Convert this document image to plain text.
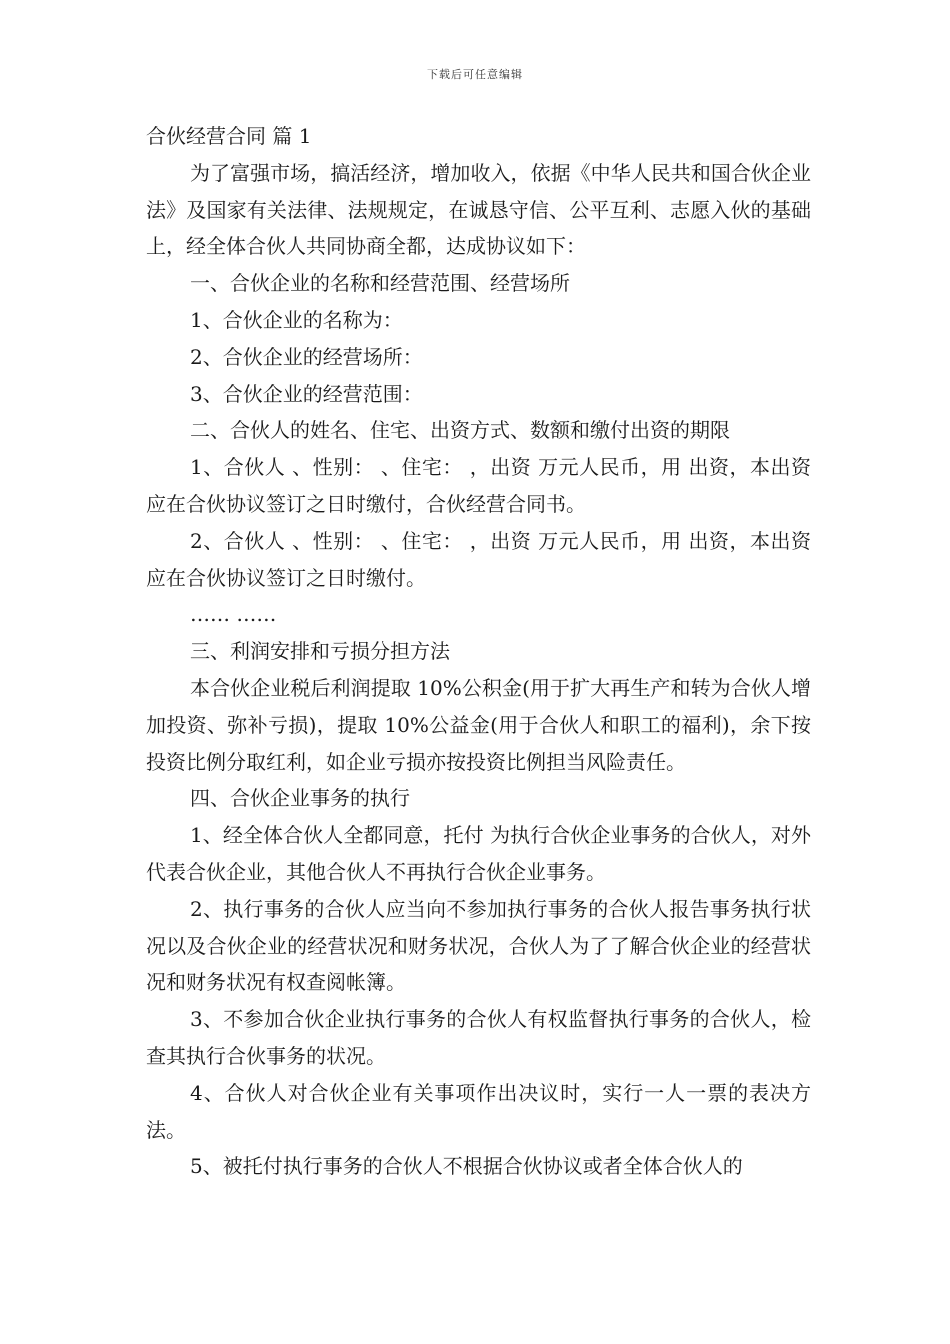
下载后可任意编辑

合伙经营合同 篇 1

为了富强市场，搞活经济，增加收入，依据《中华人民共和国合伙企业法》及国家有关法律、法规规定，在诚恳守信、公平互利、志愿入伙的基础上，经全体合伙人共同协商全都，达成协议如下：

一、合伙企业的名称和经营范围、经营场所

1、合伙企业的名称为：

2、合伙企业的经营场所：

3、合伙企业的经营范围：

二、合伙人的姓名、住宅、出资方式、数额和缴付出资的期限

1、合伙人 、性别： 、住宅： ，出资 万元人民币，用 出资，本出资应在合伙协议签订之日时缴付，合伙经营合同书。

2、合伙人 、性别： 、住宅： ，出资 万元人民币，用 出资，本出资应在合伙协议签订之日时缴付。

…… ……

三、利润安排和亏损分担方法

本合伙企业税后利润提取 10%公积金(用于扩大再生产和转为合伙人增加投资、弥补亏损)，提取 10%公益金(用于合伙人和职工的福利)，余下按投资比例分取红利，如企业亏损亦按投资比例担当风险责任。

四、合伙企业事务的执行

1、经全体合伙人全都同意，托付 为执行合伙企业事务的合伙人，对外代表合伙企业，其他合伙人不再执行合伙企业事务。

2、执行事务的合伙人应当向不参加执行事务的合伙人报告事务执行状况以及合伙企业的经营状况和财务状况，合伙人为了了解合伙企业的经营状况和财务状况有权查阅帐簿。

3、不参加合伙企业执行事务的合伙人有权监督执行事务的合伙人，检查其执行合伙事务的状况。

4、合伙人对合伙企业有关事项作出决议时，实行一人一票的表决方法。

5、被托付执行事务的合伙人不根据合伙协议或者全体合伙人的
